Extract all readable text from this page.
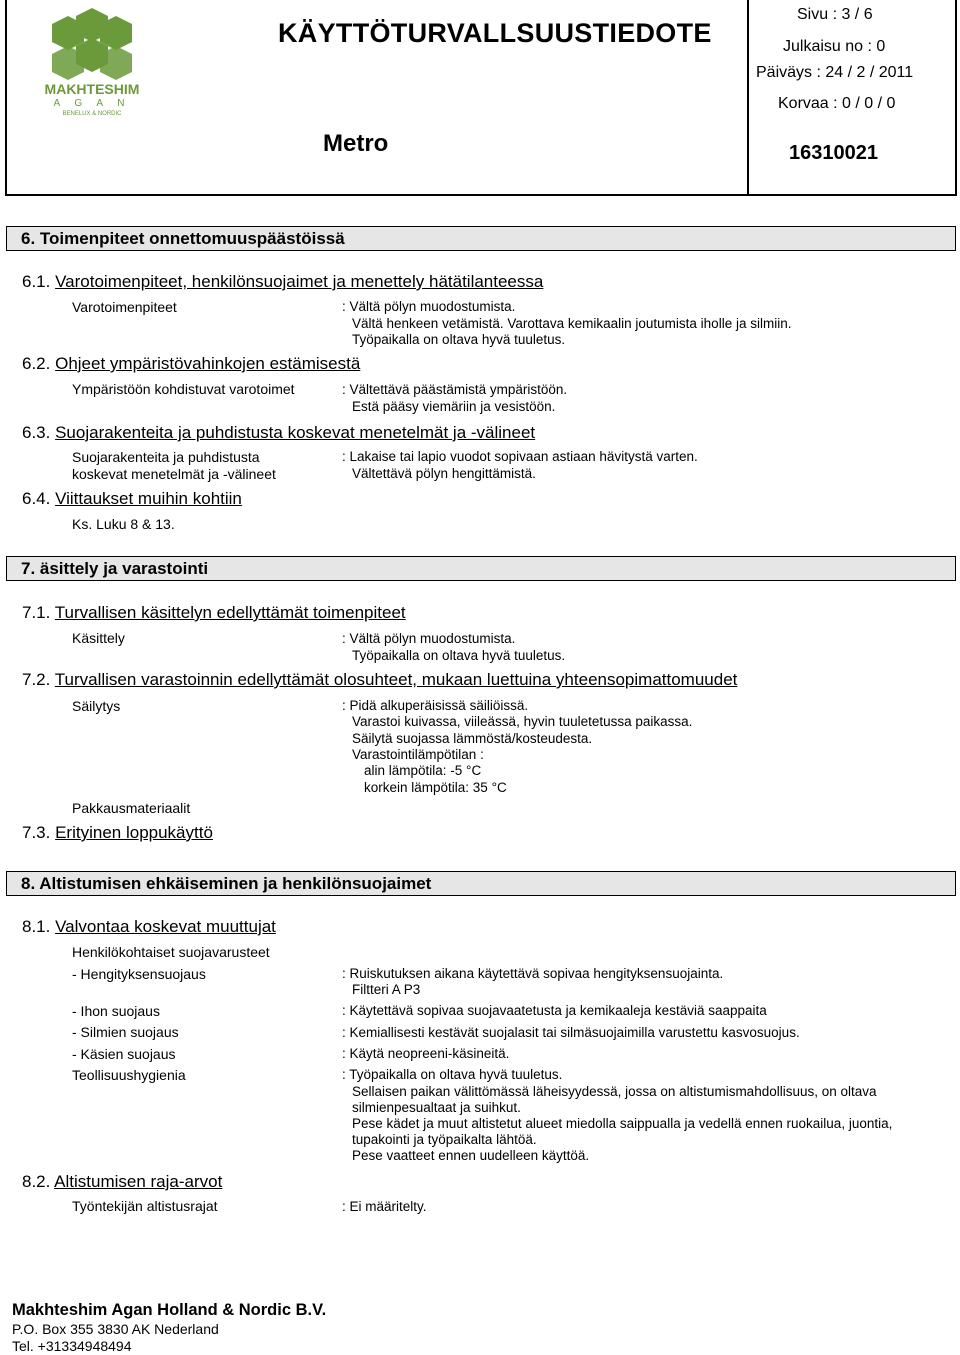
MAKHTESHIM
A G A N
BENELUX & NORDIC
KÄYTTÖTURVALLSUUSTIEDOTE
Metro
Sivu : 3 / 6
Julkaisu no : 0
Päiväys : 24 / 2 / 2011
Korvaa : 0 / 0 / 0
16310021
6. Toimenpiteet onnettomuuspäästöissä
6.1. Varotoimenpiteet, henkilönsuojaimet ja menettely hätätilanteessa
Varotoimenpiteet	: Vältä pölyn muodostumista.
Vältä henkeen vetämistä. Varottava kemikaalin joutumista iholle ja silmiin.
Työpaikalla on oltava hyvä tuuletus.
6.2. Ohjeet ympäristövahinkojen estämisestä
Ympäristöön kohdistuvat varotoimet	: Vältettävä päästämistä ympäristöön.
Estä pääsy viemäriin ja vesistöön.
6.3. Suojarakenteita ja puhdistusta koskevat menetelmät ja -välineet
Suojarakenteita ja puhdistusta
koskevat menetelmät ja -välineet
: Lakaise tai lapio vuodot sopivaan astiaan hävitystä varten.
Vältettävä pölyn hengittämistä.
6.4. Viittaukset muihin kohtiin
Ks. Luku 8 & 13.
7. äsittely ja varastointi
7.1. Turvallisen käsittelyn edellyttämät toimenpiteet
Käsittely	: Vältä pölyn muodostumista.
Työpaikalla on oltava hyvä tuuletus.
7.2. Turvallisen varastoinnin edellyttämät olosuhteet, mukaan luettuina yhteensopimattomuudet
Säilytys	: Pidä alkuperäisissä säiliöissä.
Varastoi kuivassa, viileässä, hyvin tuuletetussa paikassa.
Säilytä suojassa lämmöstä/kosteudesta.
Varastointilämpötilan :
alin lämpötila: -5 °C
korkein lämpötila: 35 °C
Pakkausmateriaalit
7.3. Erityinen loppukäyttö
8. Altistumisen ehkäiseminen ja henkilönsuojaimet
8.1. Valvontaa koskevat muuttujat
Henkilökohtaiset suojavarusteet
- Hengityksensuojaus	: Ruiskutuksen aikana käytettävä sopivaa hengityksensuojainta.
Filtteri A P3
- Ihon suojaus	: Käytettävä sopivaa suojavaatetusta ja kemikaaleja kestäviä saappaita
- Silmien suojaus	: Kemiallisesti kestävät suojalasit tai silmäsuojaimilla varustettu kasvosuojus.
- Käsien suojaus	: Käytä neopreeni-käsineitä.
Teollisuushygienia	: Työpaikalla on oltava hyvä tuuletus.
Sellaisen paikan välittömässä läheisyydessä, jossa on altistumismahdollisuus, on oltava
silmienpesualtaat ja suihkut.
Pese kädet ja muut altistetut alueet miedolla saippualla ja vedellä ennen ruokailua, juontia,
tupakointi ja työpaikalta lähtöä.
Pese vaatteet ennen uudelleen käyttöä.
8.2. Altistumisen raja-arvot
Työntekijän altistusrajat	: Ei määritelty.
Makhteshim Agan Holland & Nordic B.V.
P.O. Box 355 3830 AK Nederland
Tel. +31334948494
